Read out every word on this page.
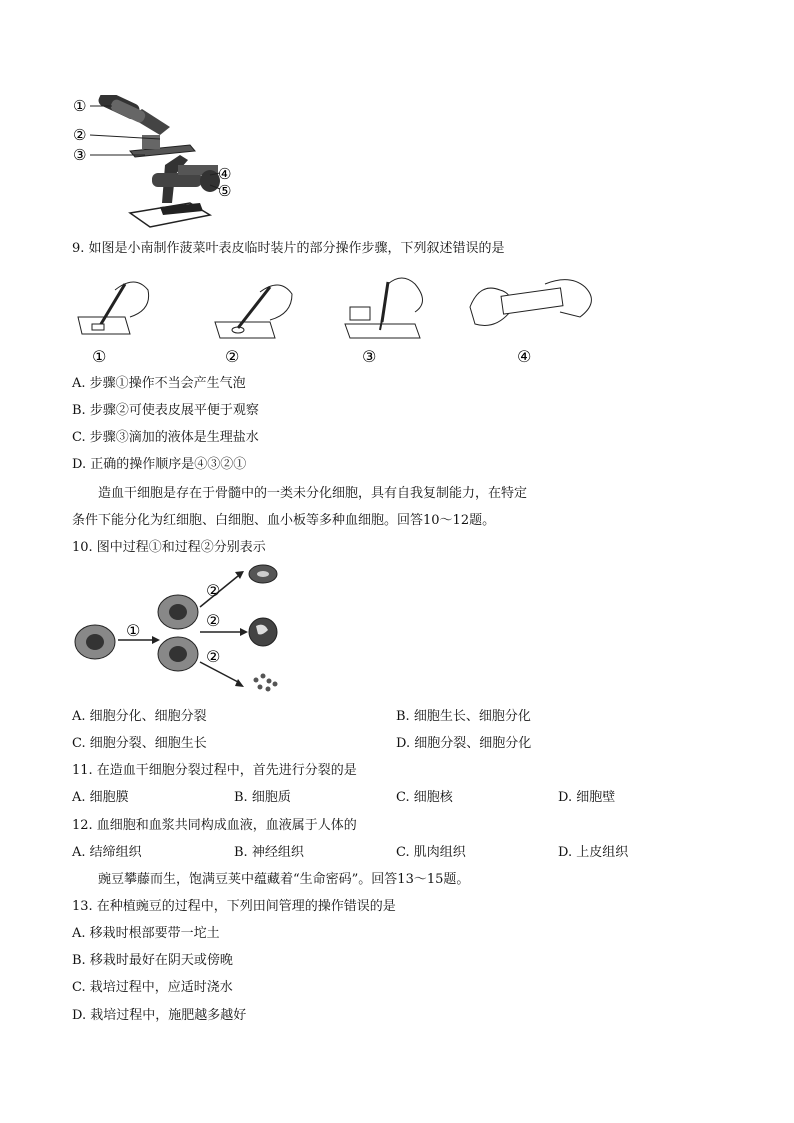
①
②
③
④
⑤
9. 如图是小南制作菠菜叶表皮临时装片的部分操作步骤，下列叙述错误的是
①	②	③	④
A. 步骤①操作不当会产生气泡
B. 步骤②可使表皮展平便于观察
C. 步骤③滴加的液体是生理盐水
D. 正确的操作顺序是④③②①
造血干细胞是存在于骨髓中的一类未分化细胞，具有自我复制能力，在特定
条件下能分化为红细胞、白细胞、血小板等多种血细胞。回答10～12题。
10. 图中过程①和过程②分别表示
①
②
②
②
A. 细胞分化、细胞分裂	B. 细胞生长、细胞分化
C. 细胞分裂、细胞生长	D. 细胞分裂、细胞分化
11. 在造血干细胞分裂过程中，首先进行分裂的是
A. 细胞膜	B. 细胞质	C. 细胞核	D. 细胞壁
12. 血细胞和血浆共同构成血液，血液属于人体的
A. 结缔组织	B. 神经组织	C. 肌肉组织	D. 上皮组织
豌豆攀藤而生，饱满豆荚中蕴藏着“生命密码”。回答13～15题。
13. 在种植豌豆的过程中，下列田间管理的操作错误的是
A. 移栽时根部要带一坨土
B. 移栽时最好在阴天或傍晚
C. 栽培过程中，应适时浇水
D. 栽培过程中，施肥越多越好
